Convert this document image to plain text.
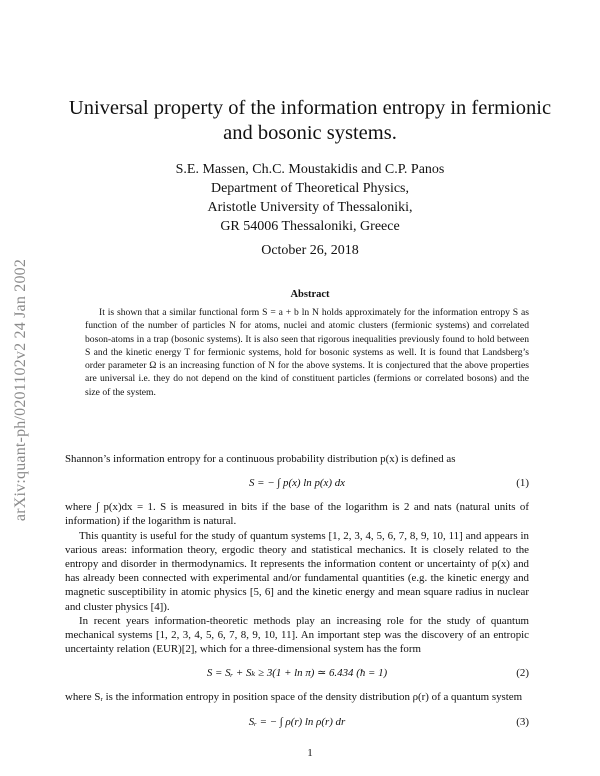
arXiv:quant-ph/0201102v2 24 Jan 2002
Universal property of the information entropy in fermionic
and bosonic systems.
S.E. Massen, Ch.C. Moustakidis and C.P. Panos
Department of Theoretical Physics,
Aristotle University of Thessaloniki,
GR 54006 Thessaloniki, Greece
October 26, 2018
Abstract

It is shown that a similar functional form S = a + b ln N holds approximately for the information entropy S as function of the number of particles N for atoms, nuclei and atomic clusters (fermionic systems) and correlated boson-atoms in a trap (bosonic systems). It is also seen that rigorous inequalities previously found to hold between S and the kinetic energy T for fermionic systems, hold for bosonic systems as well. It is found that Landsberg’s order parameter Ω is an increasing function of N for the above systems. It is conjectured that the above properties are universal i.e. they do not depend on the kind of constituent particles (fermions or correlated bosons) and the size of the system.

Shannon’s information entropy for a continuous probability distribution p(x) is defined as

S = − ∫ p(x) ln p(x) dx	(1)

where ∫ p(x)dx = 1. S is measured in bits if the base of the logarithm is 2 and nats (natural units of information) if the logarithm is natural.

This quantity is useful for the study of quantum systems [1, 2, 3, 4, 5, 6, 7, 8, 9, 10, 11] and appears in various areas: information theory, ergodic theory and statistical mechanics. It is closely related to the entropy and disorder in thermodynamics. It represents the information content or uncertainty of p(x) and has already been connected with experimental and/or fundamental quantities (e.g. the kinetic energy and magnetic susceptibility in atomic physics [5, 6] and the kinetic energy and mean square radius in nuclear and cluster physics [4]).

In recent years information-theoretic methods play an increasing role for the study of quantum mechanical systems [1, 2, 3, 4, 5, 6, 7, 8, 9, 10, 11]. An important step was the discovery of an entropic uncertainty relation (EUR)[2], which for a three-dimensional system has the form

S = Sᵣ + Sₖ ≥ 3(1 + ln π) ≃ 6.434 (ħ = 1)	(2)

where Sᵣ is the information entropy in position space of the density distribution ρ(r) of a quantum system

Sᵣ = − ∫ ρ(r) ln ρ(r) dr	(3)
1
